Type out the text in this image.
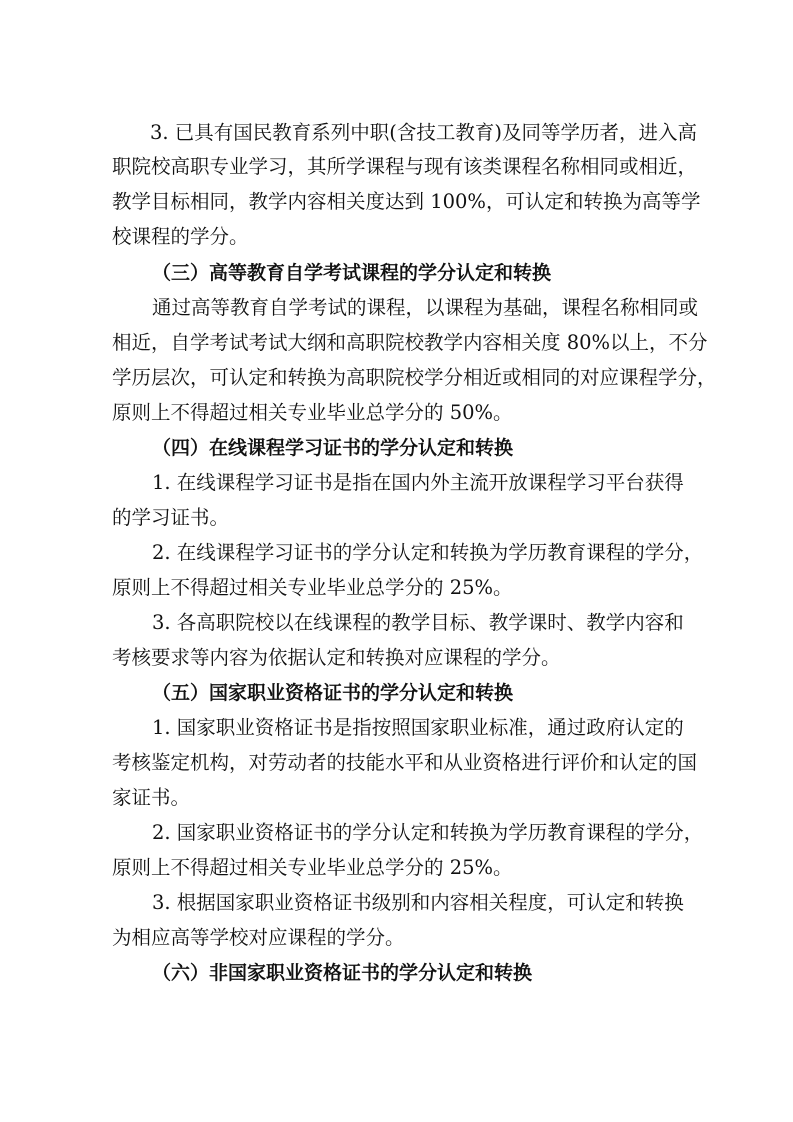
3. 已具有国民教育系列中职(含技工教育)及同等学历者，进入高

职院校高职专业学习，其所学课程与现有该类课程名称相同或相近，

教学目标相同，教学内容相关度达到 100%，可认定和转换为高等学

校课程的学分。

（三）高等教育自学考试课程的学分认定和转换

通过高等教育自学考试的课程，以课程为基础，课程名称相同或

相近，自学考试考试大纲和高职院校教学内容相关度 80%以上，不分

学历层次，可认定和转换为高职院校学分相近或相同的对应课程学分，

原则上不得超过相关专业毕业总学分的 50%。

（四）在线课程学习证书的学分认定和转换

1. 在线课程学习证书是指在国内外主流开放课程学习平台获得

的学习证书。

2. 在线课程学习证书的学分认定和转换为学历教育课程的学分，

原则上不得超过相关专业毕业总学分的 25%。

3. 各高职院校以在线课程的教学目标、教学课时、教学内容和

考核要求等内容为依据认定和转换对应课程的学分。

（五）国家职业资格证书的学分认定和转换

1. 国家职业资格证书是指按照国家职业标准，通过政府认定的

考核鉴定机构，对劳动者的技能水平和从业资格进行评价和认定的国

家证书。

2. 国家职业资格证书的学分认定和转换为学历教育课程的学分，

原则上不得超过相关专业毕业总学分的 25%。

3. 根据国家职业资格证书级别和内容相关程度，可认定和转换

为相应高等学校对应课程的学分。

（六）非国家职业资格证书的学分认定和转换
